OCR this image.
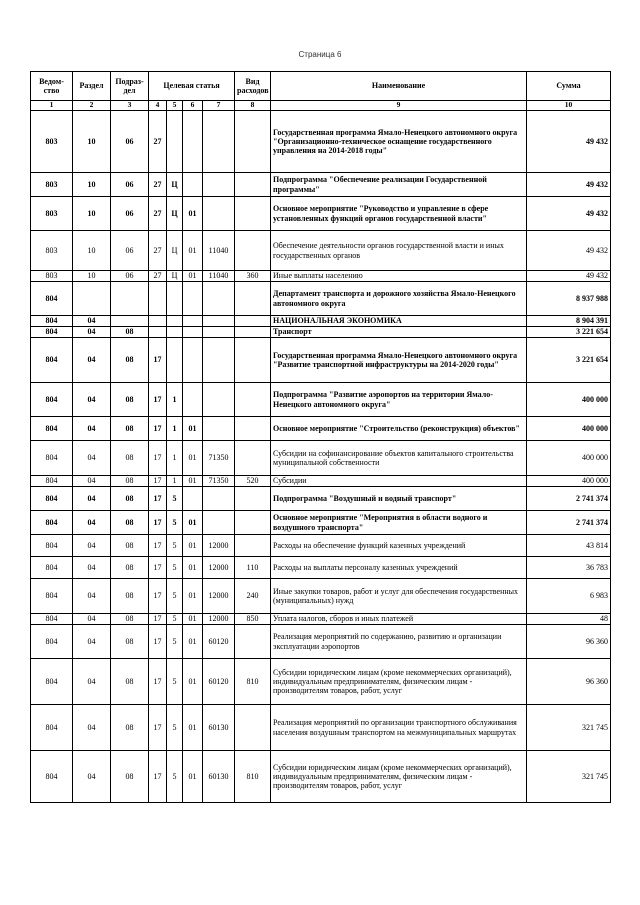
Страница 6
Ведом-ство	Раздел	Подраз-дел	Целевая статья				Вид расходов	Наименование	Сумма
1	2	3	4	5	6	7	8	9	10
803	10	06	27					Государственная программа Ямало-Ненецкого автономного округа "Организационно-техническое оснащение государственного управления на 2014-2018 годы"	49 432
803	10	06	27	Ц				Подпрограмма "Обеспечение реализации Государственной программы"	49 432
803	10	06	27	Ц	01			Основное мероприятие "Руководство и управление в сфере установленных функций органов государственной власти"	49 432
803	10	06	27	Ц	01	11040		Обеспечение деятельности органов государственной власти и иных государственных органов	49 432
803	10	06	27	Ц	01	11040	360	Иные выплаты населению	49 432
804								Департамент транспорта и дорожного хозяйства Ямало-Ненецкого автономного округа	8 937 988
804	04							НАЦИОНАЛЬНАЯ ЭКОНОМИКА	8 904 391
804	04	08						Транспорт	3 221 654
804	04	08	17					Государственная программа Ямало-Ненецкого автономного округа "Развитие транспортной инфраструктуры на 2014-2020 годы"	3 221 654
804	04	08	17	1				Подпрограмма "Развитие аэропортов на территории Ямало-Ненецкого автономного округа"	400 000
804	04	08	17	1	01			Основное мероприятие "Строительство (реконструкция) объектов"	400 000
804	04	08	17	1	01	71350		Субсидии на софинансирование объектов капитального строительства муниципальной собственности	400 000
804	04	08	17	1	01	71350	520	Субсидии	400 000
804	04	08	17	5				Подпрограмма "Воздушный и водный транспорт"	2 741 374
804	04	08	17	5	01			Основное мероприятие "Мероприятия в области водного и воздушного транспорта"	2 741 374
804	04	08	17	5	01	12000		Расходы на обеспечение функций казенных учреждений	43 814
804	04	08	17	5	01	12000	110	Расходы на выплаты персоналу казенных учреждений	36 783
804	04	08	17	5	01	12000	240	Иные закупки товаров, работ и услуг для обеспечения государственных (муниципальных) нужд	6 983
804	04	08	17	5	01	12000	850	Уплата налогов, сборов и иных платежей	48
804	04	08	17	5	01	60120		Реализация мероприятий по содержанию, развитию и организации эксплуатации аэропортов	96 360
804	04	08	17	5	01	60120	810	Субсидии юридическим лицам (кроме некоммерческих организаций), индивидуальным предпринимателям, физическим лицам - производителям товаров, работ, услуг	96 360
804	04	08	17	5	01	60130		Реализация мероприятий по организации транспортного обслуживания населения воздушным транспортом на межмуниципальных маршрутах	321 745
804	04	08	17	5	01	60130	810	Субсидии юридическим лицам (кроме некоммерческих организаций), индивидуальным предпринимателям, физическим лицам - производителям товаров, работ, услуг	321 745
